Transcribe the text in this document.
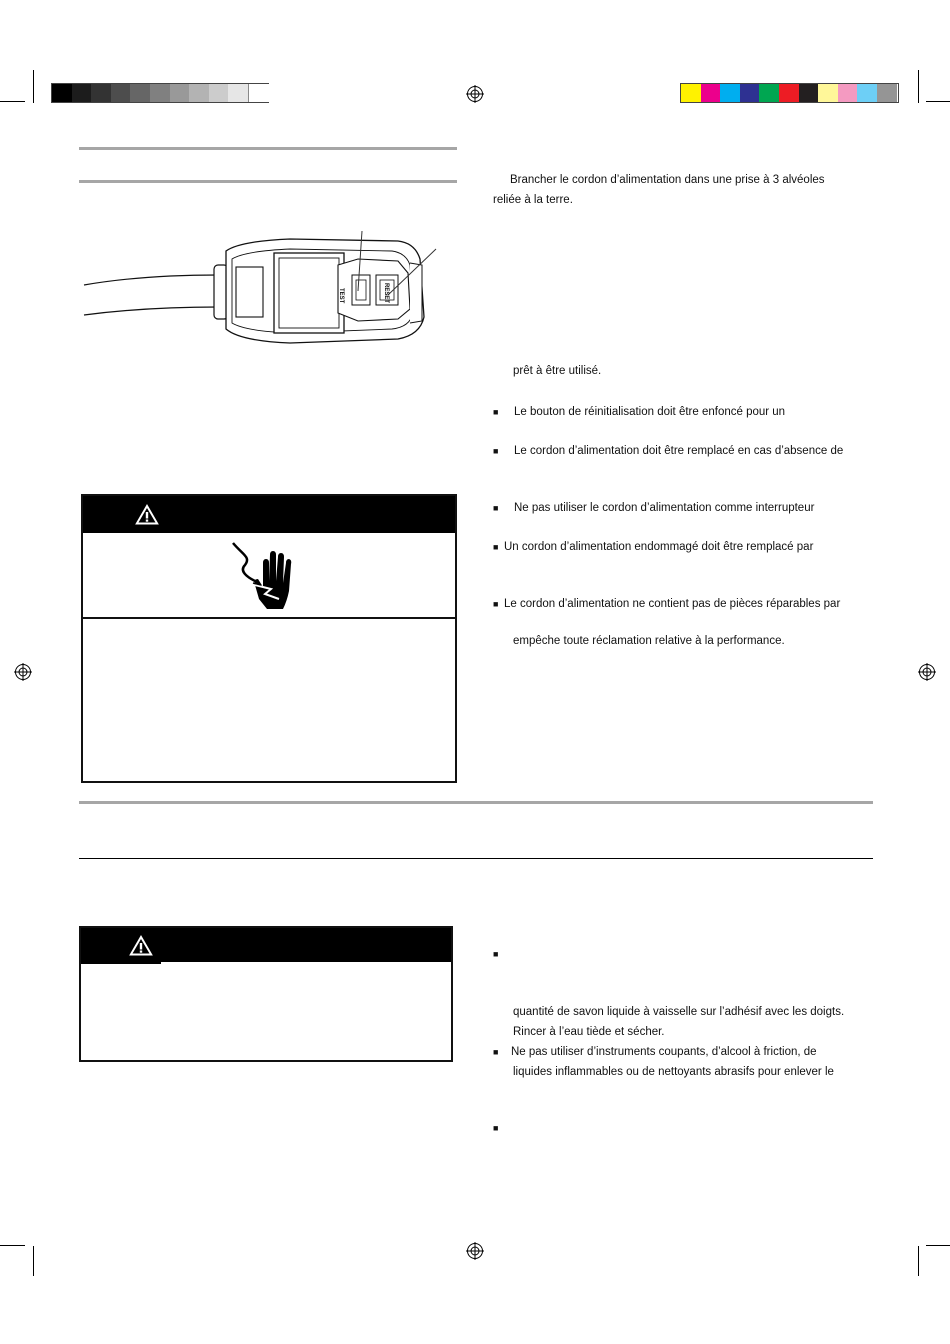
TEST	RESET
Brancher le cordon d’alimentation dans une prise à 3 alvéoles
reliée à la terre.
prêt à être utilisé.
■ Le bouton de réinitialisation doit être enfoncé pour un
■ Le cordon d’alimentation doit être remplacé en cas d’absence de
■ Ne pas utiliser le cordon d’alimentation comme interrupteur
■ Un cordon d’alimentation endommagé doit être remplacé par
■ Le cordon d’alimentation ne contient pas de pièces réparables par
empêche toute réclamation relative à la performance.
■
quantité de savon liquide à vaisselle sur l’adhésif avec les doigts.
Rincer à l’eau tiède et sécher.
■ Ne pas utiliser d’instruments coupants, d’alcool à friction, de
liquides inflammables ou de nettoyants abrasifs pour enlever le
■
